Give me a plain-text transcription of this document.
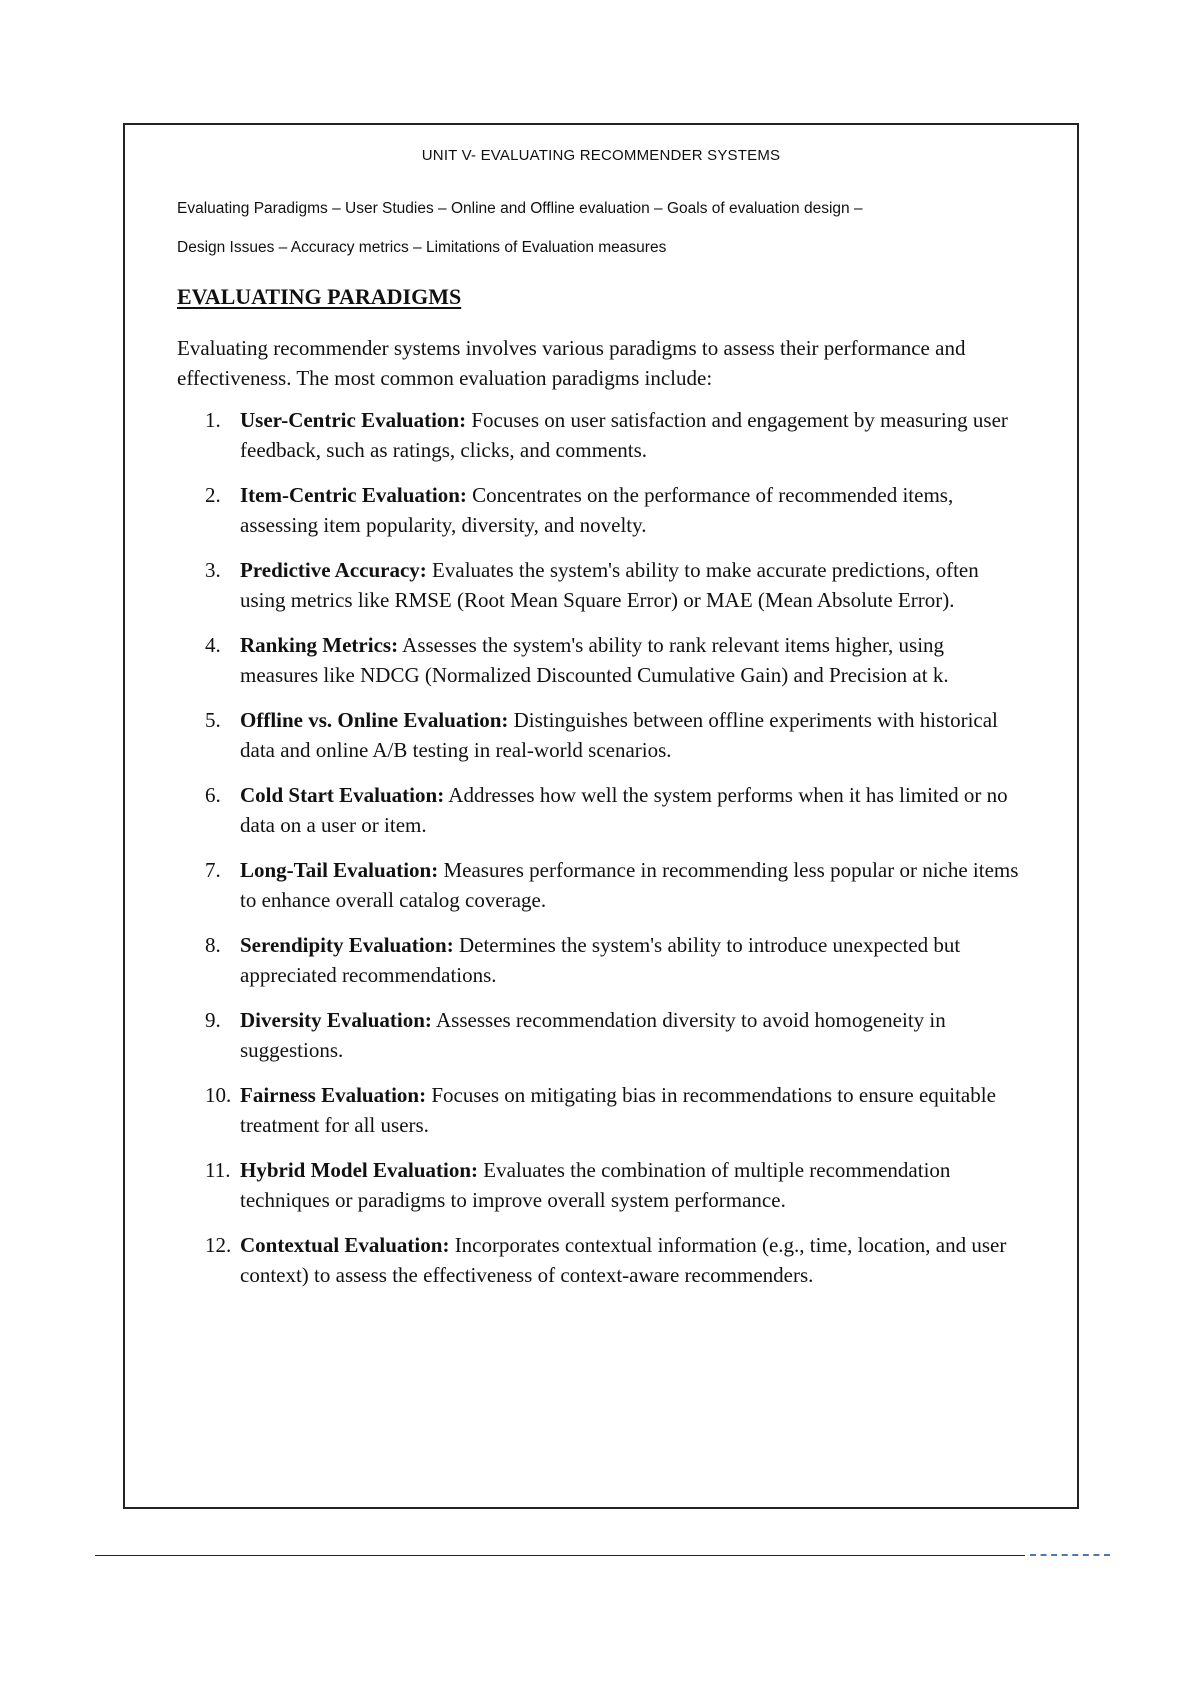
UNIT V- EVALUATING RECOMMENDER SYSTEMS
Evaluating Paradigms – User Studies – Online and Offline evaluation – Goals of evaluation design –
Design Issues – Accuracy metrics – Limitations of Evaluation measures
EVALUATING PARADIGMS

Evaluating recommender systems involves various paradigms to assess their performance and effectiveness. The most common evaluation paradigms include:

1. User-Centric Evaluation: Focuses on user satisfaction and engagement by measuring user feedback, such as ratings, clicks, and comments.
2. Item-Centric Evaluation: Concentrates on the performance of recommended items, assessing item popularity, diversity, and novelty.
3. Predictive Accuracy: Evaluates the system's ability to make accurate predictions, often using metrics like RMSE (Root Mean Square Error) or MAE (Mean Absolute Error).
4. Ranking Metrics: Assesses the system's ability to rank relevant items higher, using measures like NDCG (Normalized Discounted Cumulative Gain) and Precision at k.
5. Offline vs. Online Evaluation: Distinguishes between offline experiments with historical data and online A/B testing in real-world scenarios.
6. Cold Start Evaluation: Addresses how well the system performs when it has limited or no data on a user or item.
7. Long-Tail Evaluation: Measures performance in recommending less popular or niche items to enhance overall catalog coverage.
8. Serendipity Evaluation: Determines the system's ability to introduce unexpected but appreciated recommendations.
9. Diversity Evaluation: Assesses recommendation diversity to avoid homogeneity in suggestions.
10. Fairness Evaluation: Focuses on mitigating bias in recommendations to ensure equitable treatment for all users.
11. Hybrid Model Evaluation: Evaluates the combination of multiple recommendation techniques or paradigms to improve overall system performance.
12. Contextual Evaluation: Incorporates contextual information (e.g., time, location, and user context) to assess the effectiveness of context-aware recommenders.
